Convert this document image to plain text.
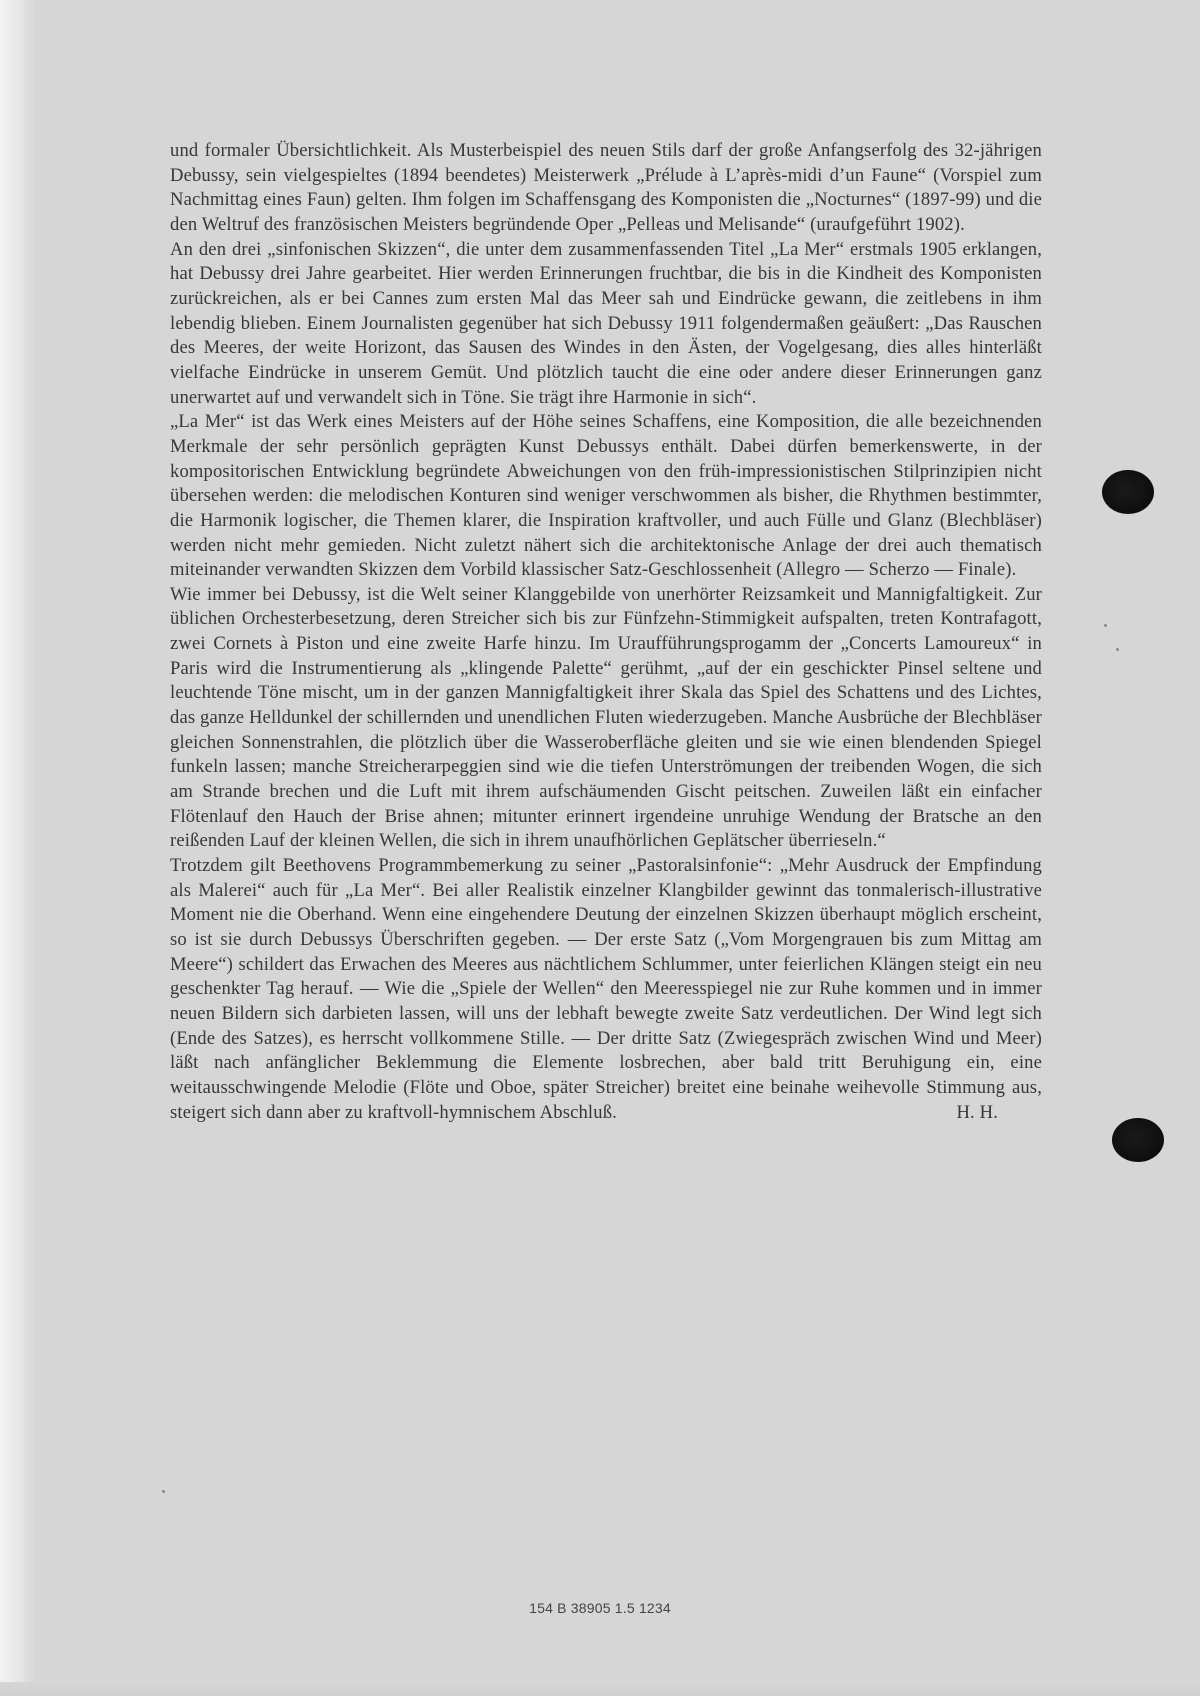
und formaler Übersichtlichkeit. Als Musterbeispiel des neuen Stils darf der große Anfangserfolg des 32-jährigen Debussy, sein vielgespieltes (1894 beendetes) Meisterwerk „Prélude à L’après-midi d’un Faune“ (Vorspiel zum Nachmittag eines Faun) gelten. Ihm folgen im Schaffensgang des Komponisten die „Nocturnes“ (1897-99) und die den Weltruf des französischen Meisters begründende Oper „Pelleas und Melisande“ (uraufgeführt 1902).

An den drei „sinfonischen Skizzen“, die unter dem zusammenfassenden Titel „La Mer“ erstmals 1905 erklangen, hat Debussy drei Jahre gearbeitet. Hier werden Erinnerungen fruchtbar, die bis in die Kindheit des Komponisten zurückreichen, als er bei Cannes zum ersten Mal das Meer sah und Eindrücke gewann, die zeitlebens in ihm lebendig blieben. Einem Journalisten gegenüber hat sich Debussy 1911 folgendermaßen geäußert: „Das Rauschen des Meeres, der weite Horizont, das Sausen des Windes in den Ästen, der Vogelgesang, dies alles hinterläßt vielfache Eindrücke in unserem Gemüt. Und plötzlich taucht die eine oder andere dieser Erinnerungen ganz unerwartet auf und verwandelt sich in Töne. Sie trägt ihre Harmonie in sich“.

„La Mer“ ist das Werk eines Meisters auf der Höhe seines Schaffens, eine Komposition, die alle bezeichnenden Merkmale der sehr persönlich geprägten Kunst Debussys enthält. Dabei dürfen bemerkenswerte, in der kompositorischen Entwicklung begründete Abweichungen von den früh-impressionistischen Stilprinzipien nicht übersehen werden: die melodischen Konturen sind weniger verschwommen als bisher, die Rhythmen bestimmter, die Harmonik logischer, die Themen klarer, die Inspiration kraftvoller, und auch Fülle und Glanz (Blechbläser) werden nicht mehr gemieden. Nicht zuletzt nähert sich die architektonische Anlage der drei auch thematisch miteinander verwandten Skizzen dem Vorbild klassischer Satz-Geschlossenheit (Allegro — Scherzo — Finale).

Wie immer bei Debussy, ist die Welt seiner Klanggebilde von unerhörter Reizsamkeit und Mannigfaltigkeit. Zur üblichen Orchesterbesetzung, deren Streicher sich bis zur Fünfzehn-Stimmigkeit aufspalten, treten Kontrafagott, zwei Cornets à Piston und eine zweite Harfe hinzu. Im Uraufführungsprogamm der „Concerts Lamoureux“ in Paris wird die Instrumentierung als „klingende Palette“ gerühmt, „auf der ein geschickter Pinsel seltene und leuchtende Töne mischt, um in der ganzen Mannigfaltigkeit ihrer Skala das Spiel des Schattens und des Lichtes, das ganze Helldunkel der schillernden und unendlichen Fluten wiederzugeben. Manche Ausbrüche der Blechbläser gleichen Sonnenstrahlen, die plötzlich über die Wasseroberfläche gleiten und sie wie einen blendenden Spiegel funkeln lassen; manche Streicherarpeggien sind wie die tiefen Unterströmungen der treibenden Wogen, die sich am Strande brechen und die Luft mit ihrem aufschäumenden Gischt peitschen. Zuweilen läßt ein einfacher Flötenlauf den Hauch der Brise ahnen; mitunter erinnert irgendeine unruhige Wendung der Bratsche an den reißenden Lauf der kleinen Wellen, die sich in ihrem unaufhörlichen Geplätscher überrieseln.“

Trotzdem gilt Beethovens Programmbemerkung zu seiner „Pastoralsinfonie“: „Mehr Ausdruck der Empfindung als Malerei“ auch für „La Mer“. Bei aller Realistik einzelner Klangbilder gewinnt das tonmalerisch-illustrative Moment nie die Oberhand. Wenn eine eingehendere Deutung der einzelnen Skizzen überhaupt möglich erscheint, so ist sie durch Debussys Überschriften gegeben. — Der erste Satz („Vom Morgengrauen bis zum Mittag am Meere“) schildert das Erwachen des Meeres aus nächtlichem Schlummer, unter feierlichen Klängen steigt ein neu geschenkter Tag herauf. — Wie die „Spiele der Wellen“ den Meeresspiegel nie zur Ruhe kommen und in immer neuen Bildern sich darbieten lassen, will uns der lebhaft bewegte zweite Satz verdeutlichen. Der Wind legt sich (Ende des Satzes), es herrscht vollkommene Stille. — Der dritte Satz (Zwiegespräch zwischen Wind und Meer) läßt nach anfänglicher Beklemmung die Elemente losbrechen, aber bald tritt Beruhigung ein, eine weitausschwingende Melodie (Flöte und Oboe, später Streicher) breitet eine beinahe weihevolle Stimmung aus, steigert sich dann aber zu kraftvoll-hymnischem Abschluß.	H. H.

154 B 38905 1.5 1234
